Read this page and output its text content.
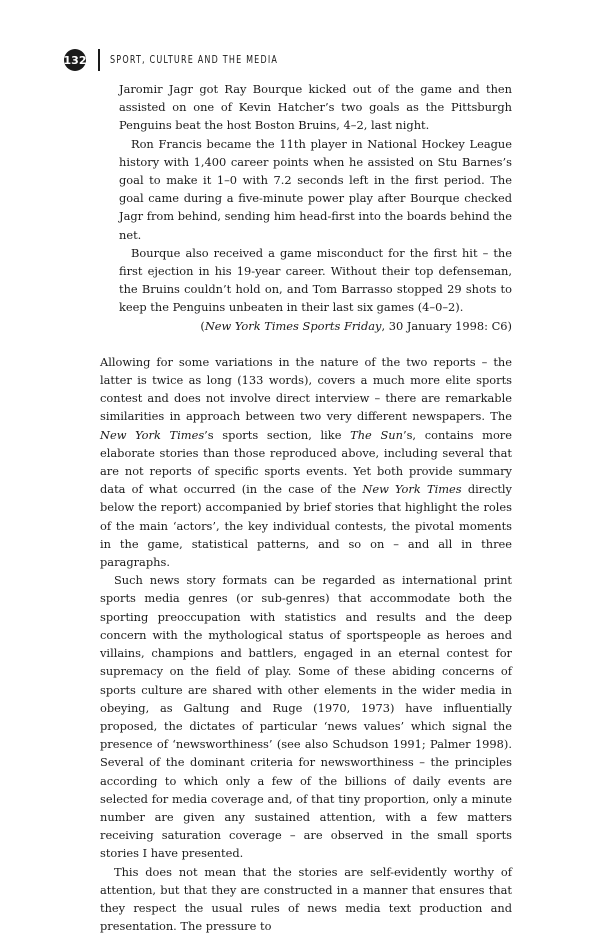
132 SPORT, CULTURE AND THE MEDIA

Jaromir Jagr got Ray Bourque kicked out of the game and then assisted on one of Kevin Hatcher’s two goals as the Pittsburgh Penguins beat the host Boston Bruins, 4–2, last night.

Ron Francis became the 11th player in National Hockey League history with 1,400 career points when he assisted on Stu Barnes’s goal to make it 1–0 with 7.2 seconds left in the first period. The goal came during a five-minute power play after Bourque checked Jagr from behind, sending him head-first into the boards behind the net.

Bourque also received a game misconduct for the first hit – the first ejection in his 19-year career. Without their top defenseman, the Bruins couldn’t hold on, and Tom Barrasso stopped 29 shots to keep the Penguins unbeaten in their last six games (4–0–2).

(New York Times Sports Friday, 30 January 1998: C6)

Allowing for some variations in the nature of the two reports – the latter is twice as long (133 words), covers a much more elite sports contest and does not involve direct interview – there are remarkable similarities in approach between two very different newspapers. The New York Times’s sports section, like The Sun’s, contains more elaborate stories than those reproduced above, including several that are not reports of specific sports events. Yet both provide summary data of what occurred (in the case of the New York Times directly below the report) accompanied by brief stories that highlight the roles of the main ‘actors’, the key individual contests, the pivotal moments in the game, statistical patterns, and so on – and all in three paragraphs.

Such news story formats can be regarded as international print sports media genres (or sub-genres) that accommodate both the sporting preoccupation with statistics and results and the deep concern with the mythological status of sportspeople as heroes and villains, champions and battlers, engaged in an eternal contest for supremacy on the field of play. Some of these abiding concerns of sports culture are shared with other elements in the wider media in obeying, as Galtung and Ruge (1970, 1973) have influentially proposed, the dictates of particular ‘news values’ which signal the presence of ‘newsworthiness’ (see also Schudson 1991; Palmer 1998). Several of the dominant criteria for newsworthiness – the principles according to which only a few of the billions of daily events are selected for media coverage and, of that tiny proportion, only a minute number are given any sustained attention, with a few matters receiving saturation coverage – are observed in the small sports stories I have presented.

This does not mean that the stories are self-evidently worthy of attention, but that they are constructed in a manner that ensures that they respect the usual rules of news media text production and presentation. The pressure to
